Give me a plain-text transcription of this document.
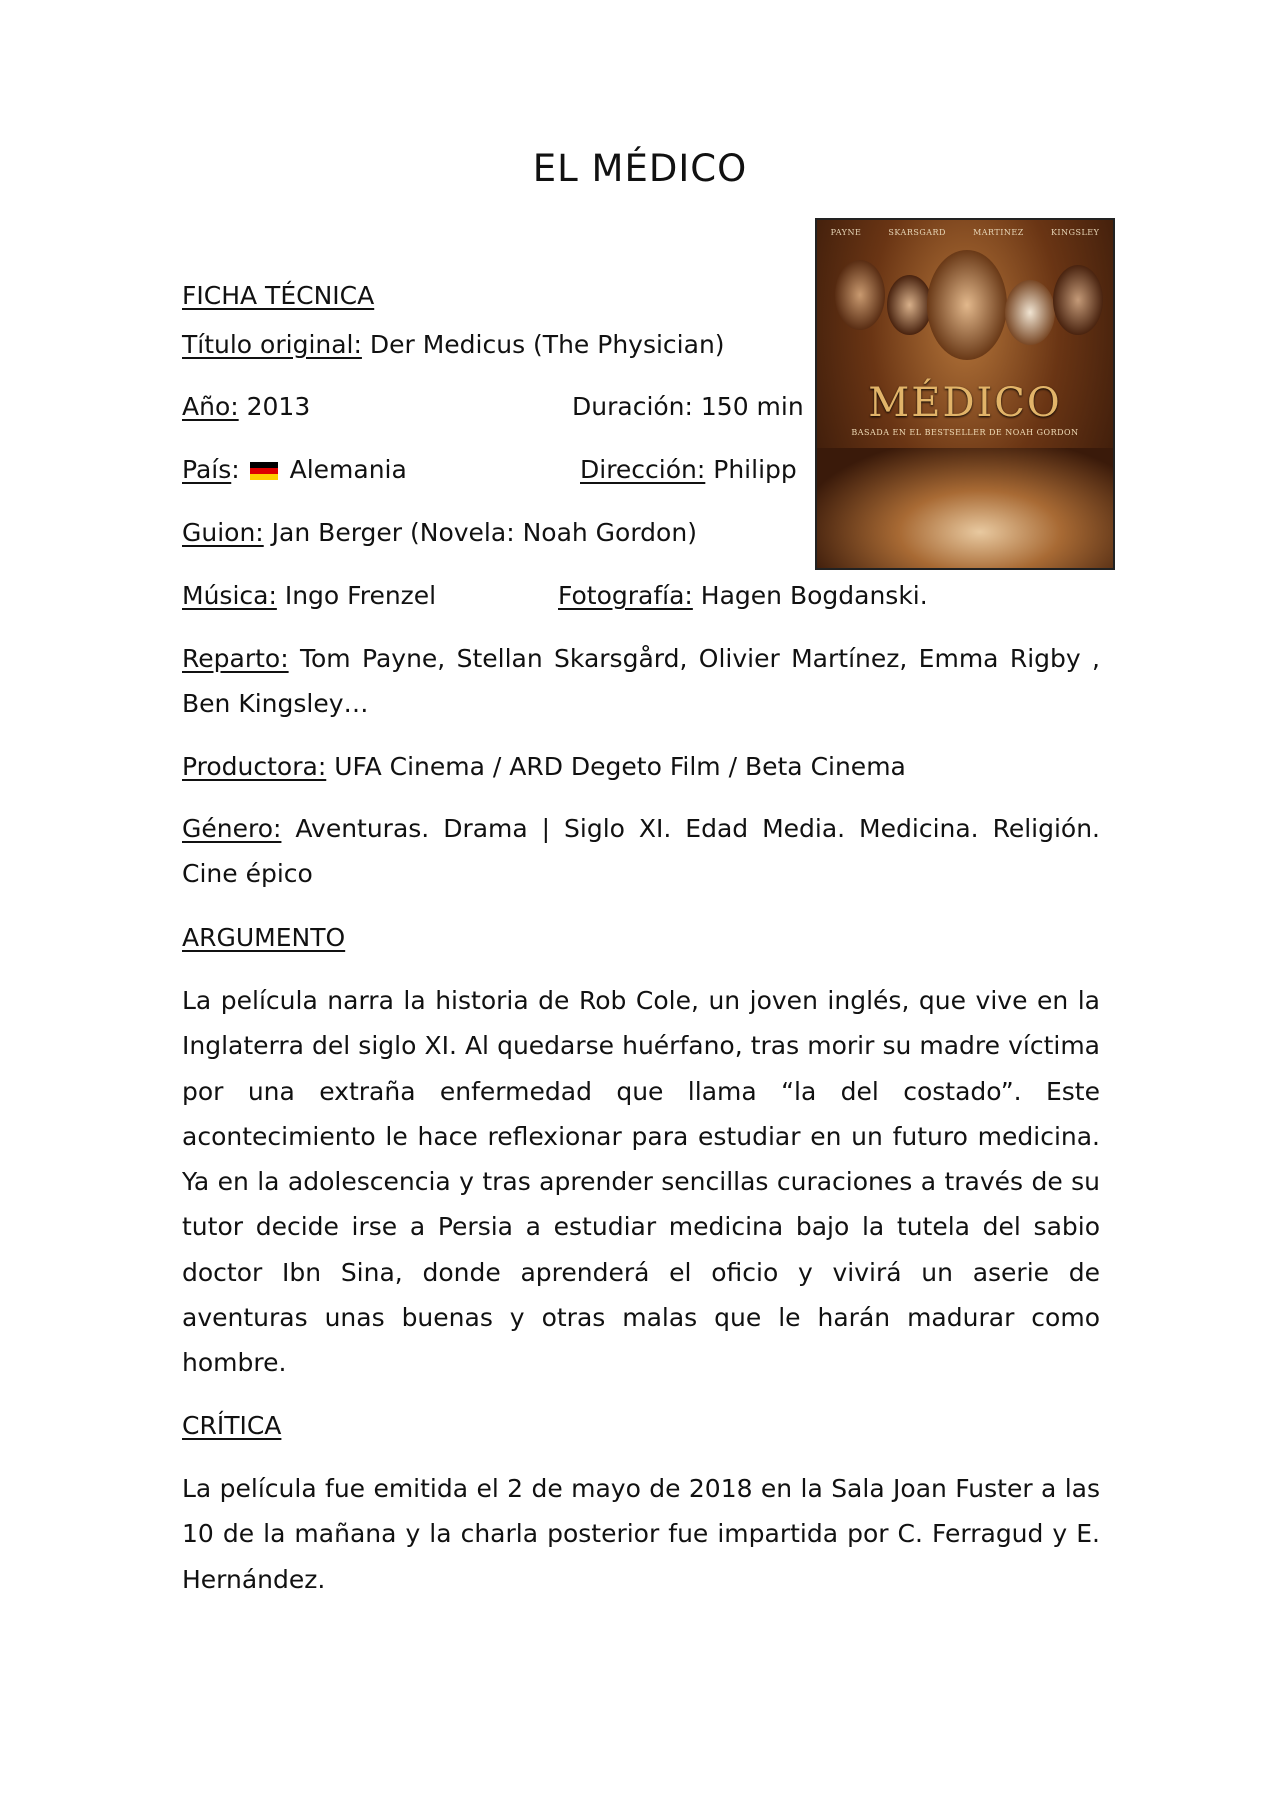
EL MÉDICO
PAYNE	SKARSGARD	MARTINEZ	KINGSLEY
MÉDICO
BASADA EN EL BESTSELLER DE NOAH GORDON
FICHA TÉCNICA
Título original: Der Medicus (The Physician)
Año: 2013	Duración: 150 min
País: Alemania	Dirección: Philipp
Guion: Jan Berger (Novela: Noah Gordon)
Música: Ingo Frenzel	Fotografía: Hagen Bogdanski.
Reparto: Tom Payne, Stellan Skarsgård, Olivier Martínez, Emma Rigby , Ben Kingsley…
Productora: UFA Cinema / ARD Degeto Film / Beta Cinema
Género: Aventuras. Drama | Siglo XI. Edad Media. Medicina. Religión. Cine épico
ARGUMENTO
La película narra la historia de Rob Cole, un joven inglés, que vive en la Inglaterra del siglo XI. Al quedarse huérfano, tras morir su madre víctima por una extraña enfermedad que llama “la del costado”. Este acontecimiento le hace reflexionar para estudiar en un futuro medicina. Ya en la adolescencia y tras aprender sencillas curaciones a través de su tutor decide irse a Persia a estudiar medicina bajo la tutela del sabio doctor Ibn Sina, donde aprenderá el oficio y vivirá un aserie de aventuras unas buenas y otras malas que le harán madurar como hombre.
CRÍTICA
La película fue emitida el 2 de mayo de 2018 en la Sala Joan Fuster a las 10 de la mañana y la charla posterior fue impartida por C. Ferragud y E. Hernández.
